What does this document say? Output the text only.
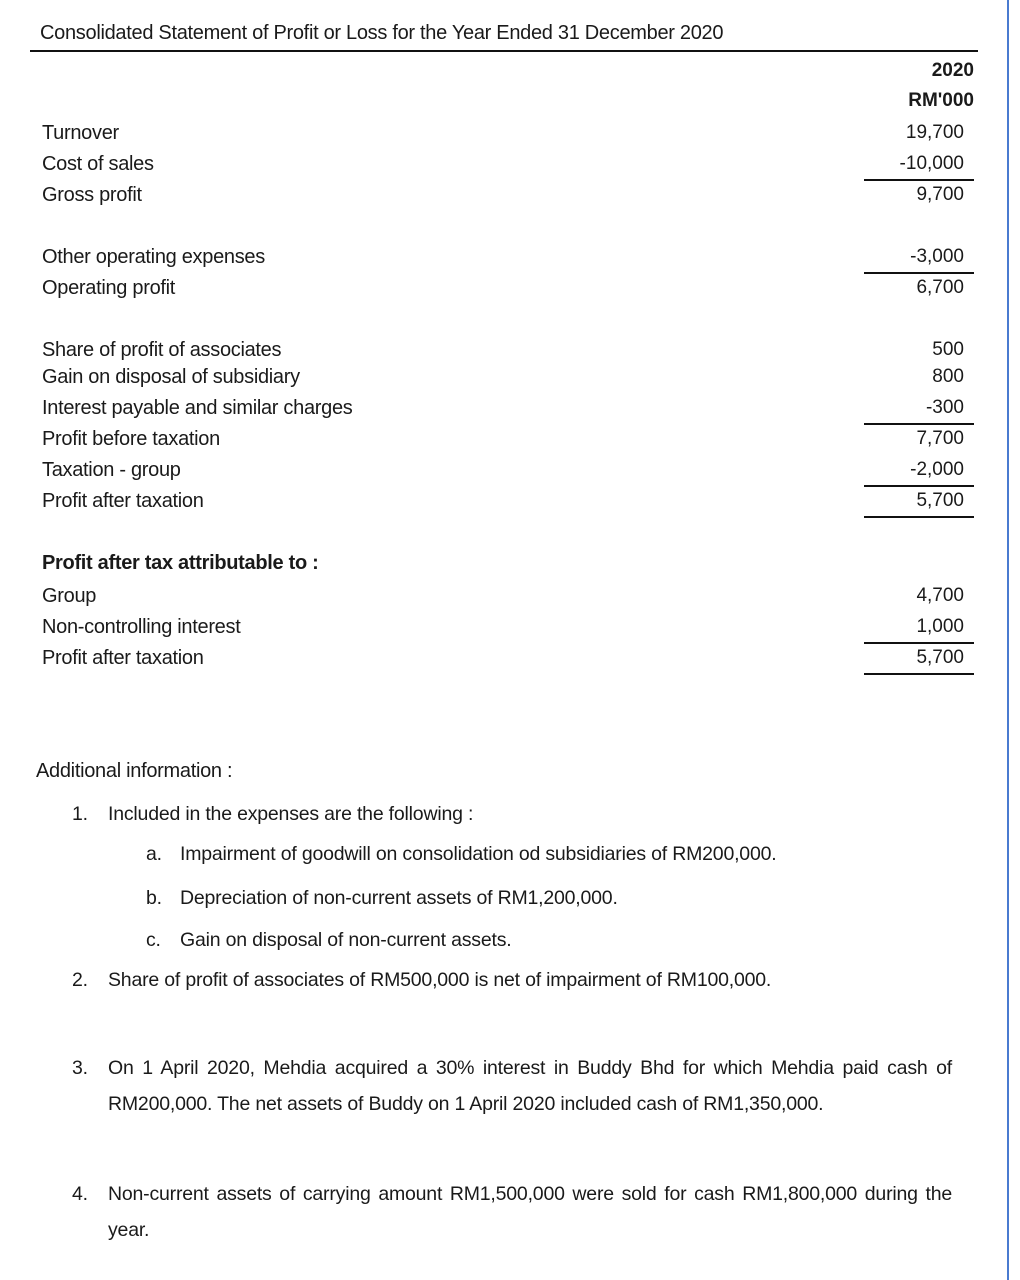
Consolidated Statement of Profit or Loss for the Year Ended 31 December 2020
2020
RM'000
Turnover	19,700
Cost of sales	-10,000
Gross profit	9,700
Other operating expenses	-3,000
Operating profit	6,700
Share of profit of associates	500
Gain on disposal of subsidiary	800
Interest payable and similar charges	-300
Profit before taxation	7,700
Taxation - group	-2,000
Profit after taxation	5,700
Profit after tax attributable to :
Group	4,700
Non-controlling interest	1,000
Profit after taxation	5,700
Additional information :
1. Included in the expenses are the following :
a. Impairment of goodwill on consolidation od subsidiaries of RM200,000.
b. Depreciation of non-current assets of RM1,200,000.
c. Gain on disposal of non-current assets.
2. Share of profit of associates of RM500,000 is net of impairment of RM100,000.
3. On 1 April 2020, Mehdia acquired a 30% interest in Buddy Bhd for which Mehdia paid cash of RM200,000. The net assets of Buddy on 1 April 2020 included cash of RM1,350,000.
4. Non-current assets of carrying amount RM1,500,000 were sold for cash RM1,800,000 during the year.
